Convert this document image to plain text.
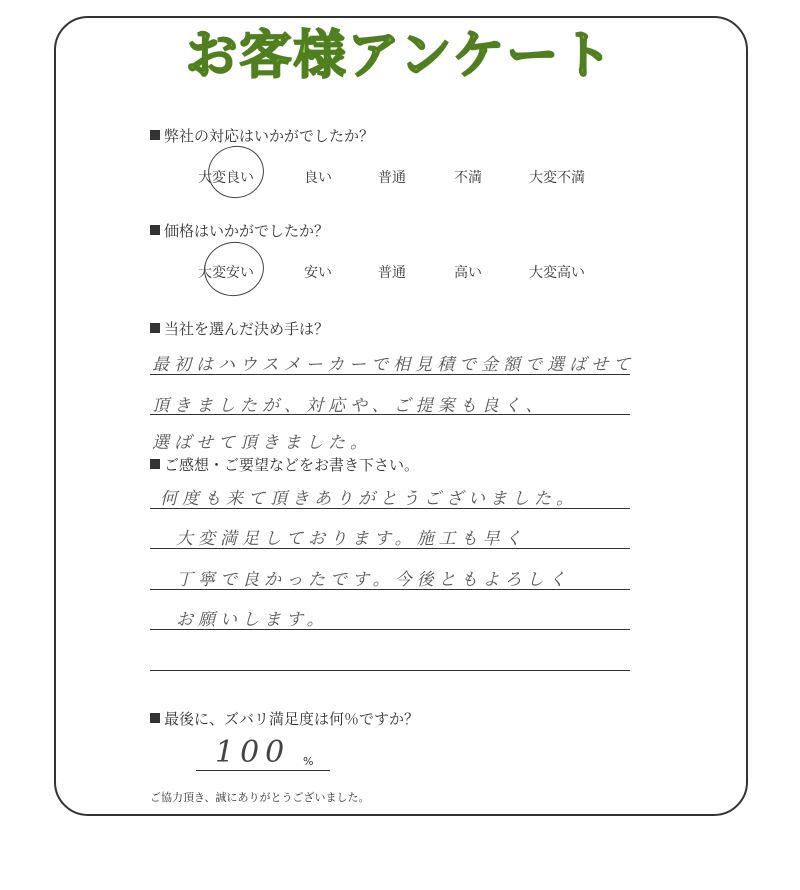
お客様アンケート
弊社の対応はいかがでしたか？
大変良い	良い	普通	不満	大変不満
価格はいかがでしたか？
大変安い	安い	普通	高い	大変高い
当社を選んだ決め手は？
最初はハウスメーカーで相見積で金額で選ばせて
頂きましたが、対応や、ご提案も良く、
選ばせて頂きました。
ご感想・ご要望などをお書き下さい。
何度も来て頂きありがとうございました。
大変満足しております。施工も早く
丁寧で良かったです。今後ともよろしく
お願いします。
最後に、ズバリ満足度は何％ですか？
100 %
ご協力頂き、誠にありがとうございました。
